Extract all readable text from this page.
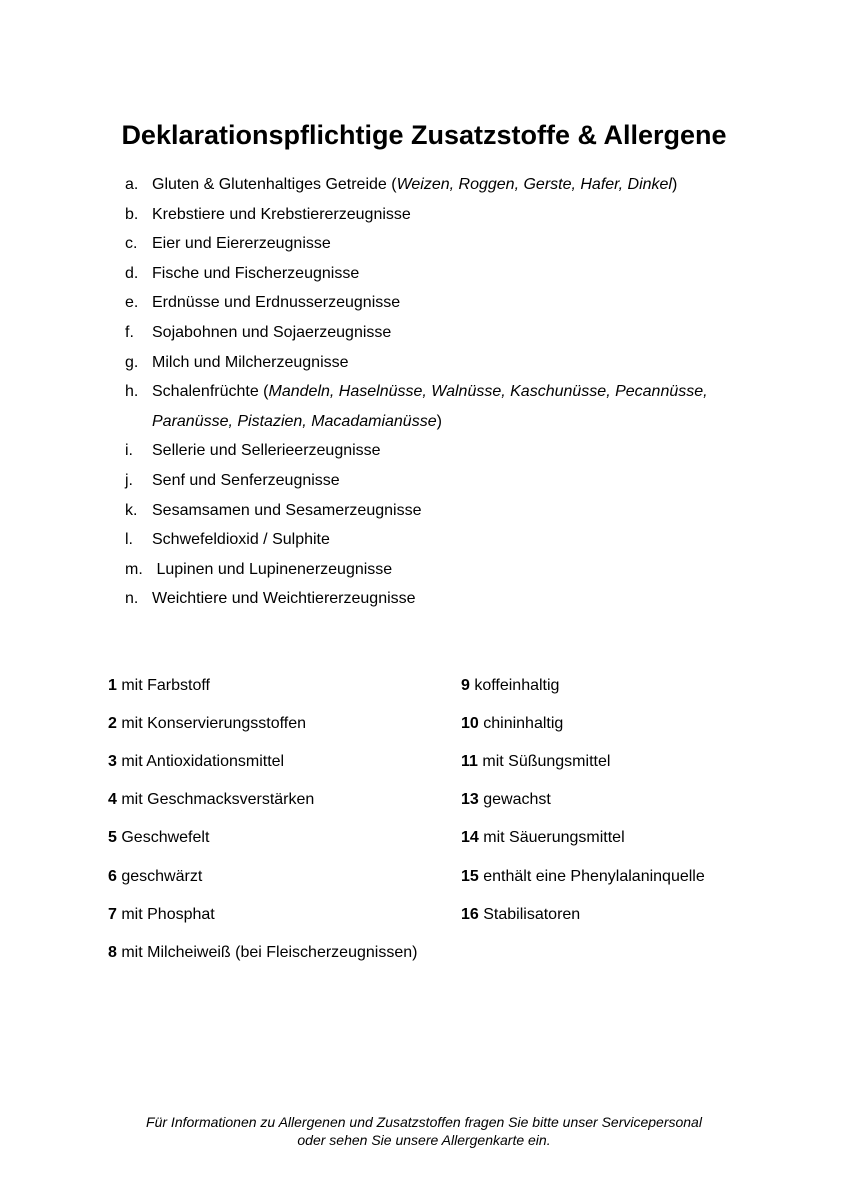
Deklarationspflichtige Zusatzstoffe & Allergene
a. Gluten & Glutenhaltiges Getreide (Weizen, Roggen, Gerste, Hafer, Dinkel)
b. Krebstiere und Krebstiererzeugnisse
c. Eier und Eiererzeugnisse
d. Fische und Fischerzeugnisse
e. Erdnüsse und Erdnusserzeugnisse
f. Sojabohnen und Sojaerzeugnisse
g. Milch und Milcherzeugnisse
h. Schalenfrüchte (Mandeln, Haselnüsse, Walnüsse, Kaschunüsse, Pecannüsse, Paranüsse, Pistazien, Macadamianüsse)
i. Sellerie und Sellerieerzeugnisse
j. Senf und Senferzeugnisse
k. Sesamsamen und Sesamerzeugnisse
l. Schwefeldioxid / Sulphite
m. Lupinen und Lupinenerzeugnisse
n. Weichtiere und Weichtiererzeugnisse
1 mit Farbstoff
2 mit Konservierungsstoffen
3 mit Antioxidationsmittel
4 mit Geschmacksverstärken
5 Geschwefelt
6 geschwärzt
7 mit Phosphat
8 mit Milcheiweiß (bei Fleischerzeugnissen)
9 koffeinhaltig
10 chininhaltig
11 mit Süßungsmittel
13 gewachst
14 mit Säuerungsmittel
15 enthält eine Phenylalaninquelle
16 Stabilisatoren
Für Informationen zu Allergenen und Zusatzstoffen fragen Sie bitte unser Servicepersonal
oder sehen Sie unsere Allergenkarte ein.
